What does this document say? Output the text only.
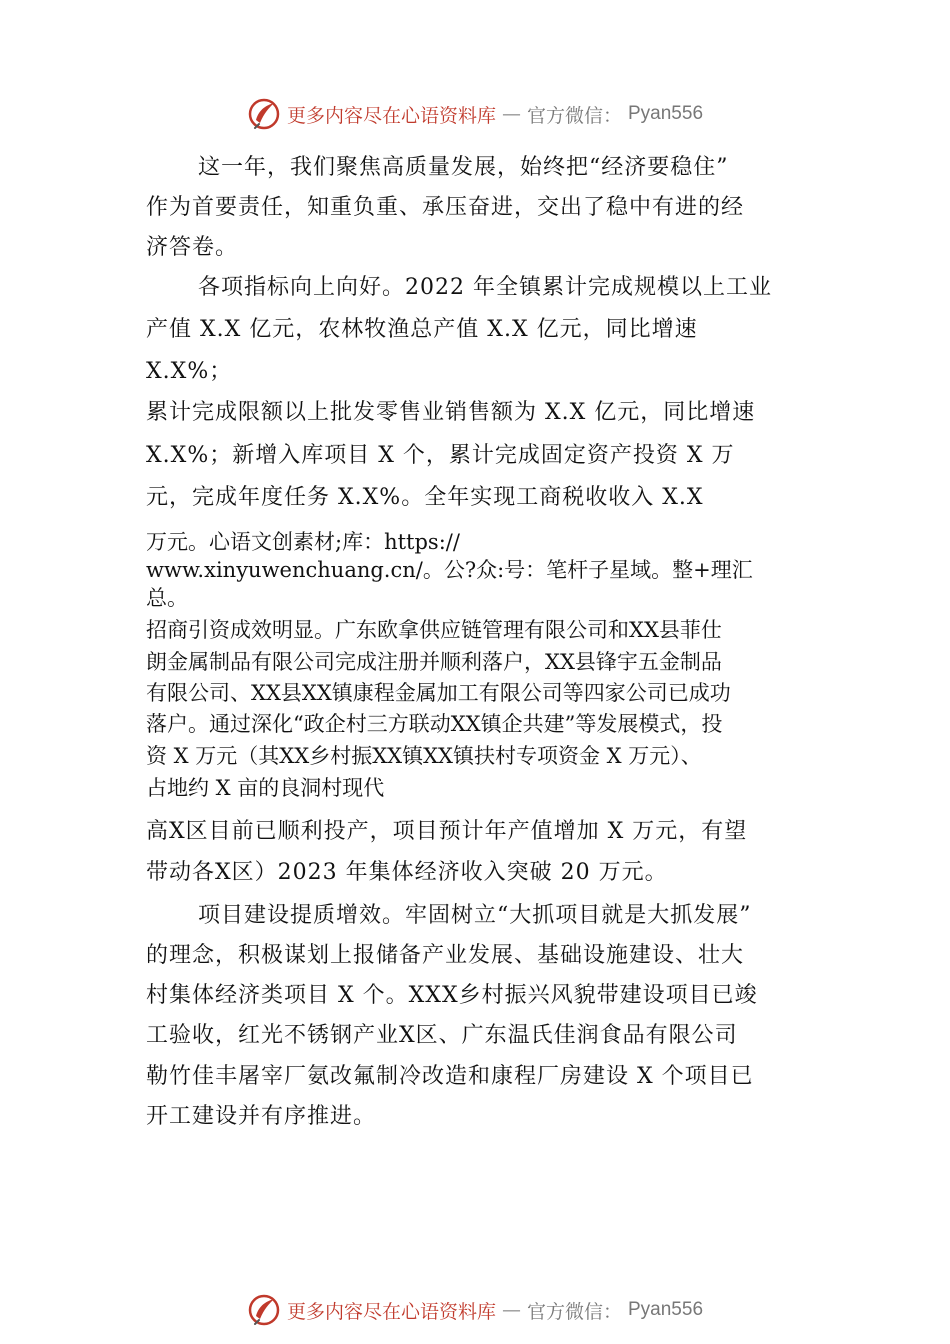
更多内容尽在心语资料库 — 官方微信： Pyan556
这一年，我们聚焦高质量发展，始终把“经济要稳住”
作为首要责任，知重负重、承压奋进，交出了稳中有进的经
济答卷。
各项指标向上向好。2022 年全镇累计完成规模以上工业
产值 X.X 亿元，农林牧渔总产值 X.X 亿元，同比增速
X.X%；
累计完成限额以上批发零售业销售额为 X.X 亿元，同比增速
X.X%；新增入库项目 X 个，累计完成固定资产投资 X 万
元，完成年度任务 X.X%。全年实现工商税收收入 X.X
万元。心语文创素材;库：https://
www.xinyuwenchuang.cn/。公?众:号：笔杆子星域。整+理汇
总。
招商引资成效明显。广东欧拿供应链管理有限公司和XX县菲仕
朗金属制品有限公司完成注册并顺利落户，XX县锋宇五金制品
有限公司、XX县XX镇康程金属加工有限公司等四家公司已成功
落户。通过深化“政企村三方联动XX镇企共建”等发展模式，投
资 X 万元（其XX乡村振XX镇XX镇扶村专项资金 X 万元）、
占地约 X 亩的良洞村现代
高X区目前已顺利投产，项目预计年产值增加 X 万元，有望
带动各X区）2023 年集体经济收入突破 20 万元。
项目建设提质增效。牢固树立“大抓项目就是大抓发展”
的理念，积极谋划上报储备产业发展、基础设施建设、壮大
村集体经济类项目 X 个。XXX乡村振兴风貌带建设项目已竣
工验收，红光不锈钢产业X区、广东温氏佳润食品有限公司
勒竹佳丰屠宰厂氨改氟制冷改造和康程厂房建设 X 个项目已
开工建设并有序推进。
更多内容尽在心语资料库 — 官方微信： Pyan556
